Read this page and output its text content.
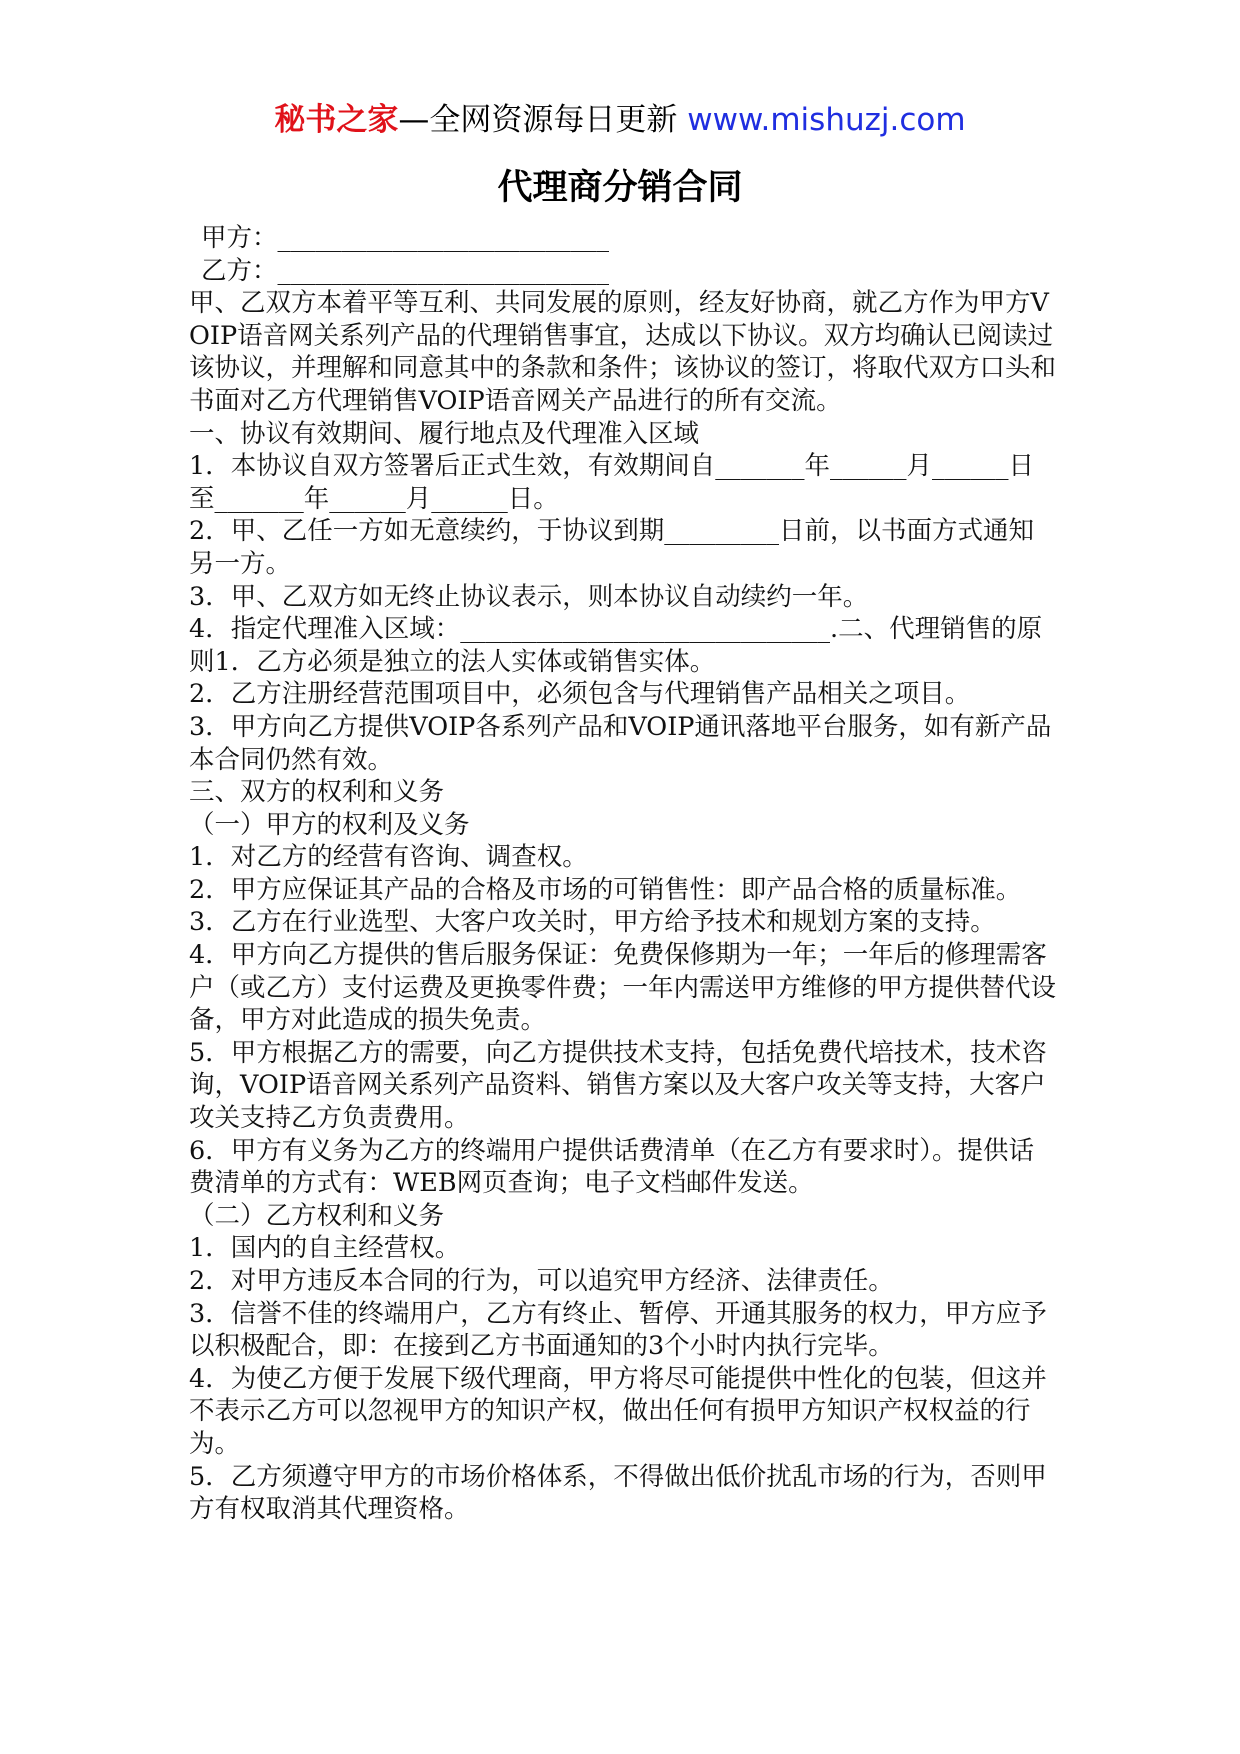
秘书之家—全网资源每日更新 www.mishuzj.com
代理商分销合同

甲方：__________________________

乙方：__________________________

甲、乙双方本着平等互利、共同发展的原则，经友好协商，就乙方作为甲方VOIP语音网关系列产品的代理销售事宜，达成以下协议。双方均确认已阅读过该协议，并理解和同意其中的条款和条件；该协议的签订，将取代双方口头和书面对乙方代理销售VOIP语音网关产品进行的所有交流。

一、协议有效期间、履行地点及代理准入区域

1．本协议自双方签署后正式生效，有效期间自_______年______月______日至_______年______月______日。

2．甲、乙任一方如无意续约，于协议到期_________日前，以书面方式通知另一方。

3．甲、乙双方如无终止协议表示，则本协议自动续约一年。

4．指定代理准入区域：_____________________________.二、代理销售的原则1．乙方必须是独立的法人实体或销售实体。

2．乙方注册经营范围项目中，必须包含与代理销售产品相关之项目。

3．甲方向乙方提供VOIP各系列产品和VOIP通讯落地平台服务，如有新产品本合同仍然有效。

三、双方的权利和义务

（一）甲方的权利及义务

1．对乙方的经营有咨询、调查权。

2．甲方应保证其产品的合格及市场的可销售性：即产品合格的质量标准。

3．乙方在行业选型、大客户攻关时，甲方给予技术和规划方案的支持。

4．甲方向乙方提供的售后服务保证：免费保修期为一年；一年后的修理需客户（或乙方）支付运费及更换零件费；一年内需送甲方维修的甲方提供替代设备，甲方对此造成的损失免责。

5．甲方根据乙方的需要，向乙方提供技术支持，包括免费代培技术，技术咨询，VOIP语音网关系列产品资料、销售方案以及大客户攻关等支持，大客户攻关支持乙方负责费用。

6．甲方有义务为乙方的终端用户提供话费清单（在乙方有要求时）。提供话费清单的方式有：WEB网页查询；电子文档邮件发送。

（二）乙方权利和义务

1．国内的自主经营权。

2．对甲方违反本合同的行为，可以追究甲方经济、法律责任。

3．信誉不佳的终端用户，乙方有终止、暂停、开通其服务的权力，甲方应予以积极配合，即：在接到乙方书面通知的3个小时内执行完毕。

4．为使乙方便于发展下级代理商，甲方将尽可能提供中性化的包装，但这并不表示乙方可以忽视甲方的知识产权，做出任何有损甲方知识产权权益的行为。

5．乙方须遵守甲方的市场价格体系，不得做出低价扰乱市场的行为，否则甲方有权取消其代理资格。
